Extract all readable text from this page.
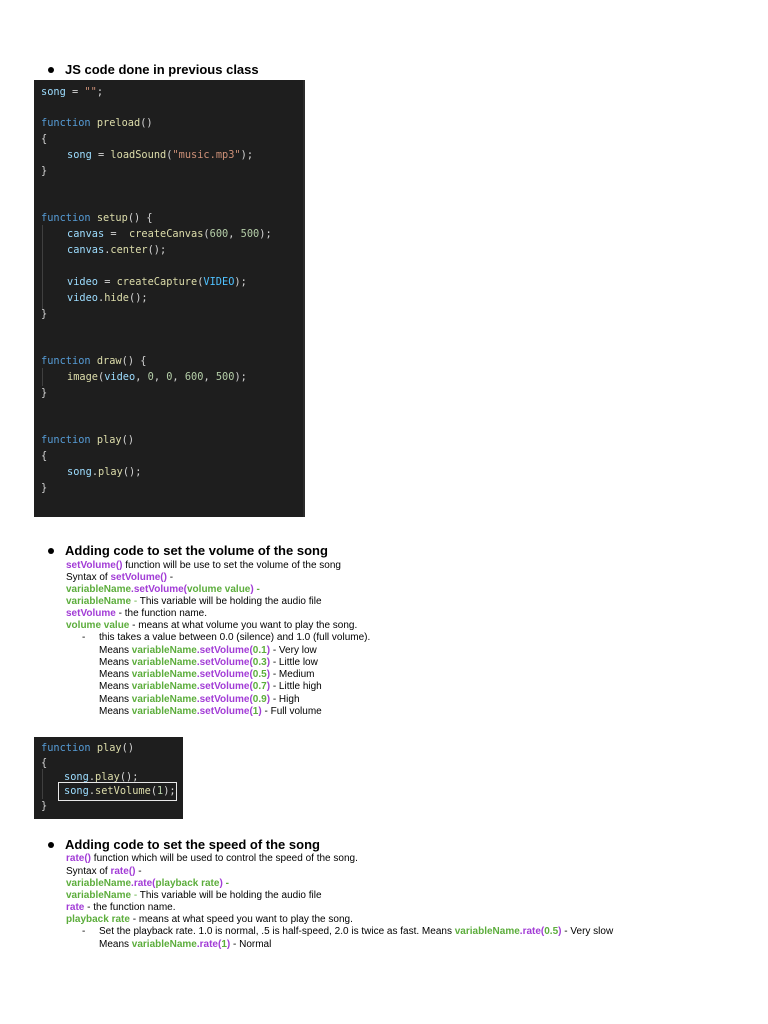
JS code done in previous class
song = "";
function preload()
{
song = loadSound("music.mp3");
}
function setup() {
canvas =  createCanvas(600, 500);
canvas.center();
video = createCapture(VIDEO);
video.hide();
}
function draw() {
image(video, 0, 0, 600, 500);
}
function play()
{
song.play();
}
Adding code to set the volume of the song
setVolume() function will be use to set the volume of the song
Syntax of setVolume() -
variableName.setVolume(volume value) -
variableName - This variable will be holding the audio file
setVolume - the function name.
volume value - means at what volume you want to play the song.
- this takes a value between 0.0 (silence) and 1.0 (full volume).
Means variableName.setVolume(0.1) - Very low
Means variableName.setVolume(0.3) - Little low
Means variableName.setVolume(0.5) - Medium
Means variableName.setVolume(0.7) - Little high
Means variableName.setVolume(0.9) - High
Means variableName.setVolume(1) - Full volume
function play()
{
song.play();
song.setVolume(1);
}
Adding code to set the speed of the song
rate() function which will be used to control the speed of the song.
Syntax of rate() -
variableName.rate(playback rate) -
variableName - This variable will be holding the audio file
rate - the function name.
playback rate - means at what speed you want to play the song.
- Set the playback rate. 1.0 is normal, .5 is half-speed, 2.0 is twice as fast. Means variableName.rate(0.5) - Very slow
Means variableName.rate(1) - Normal
